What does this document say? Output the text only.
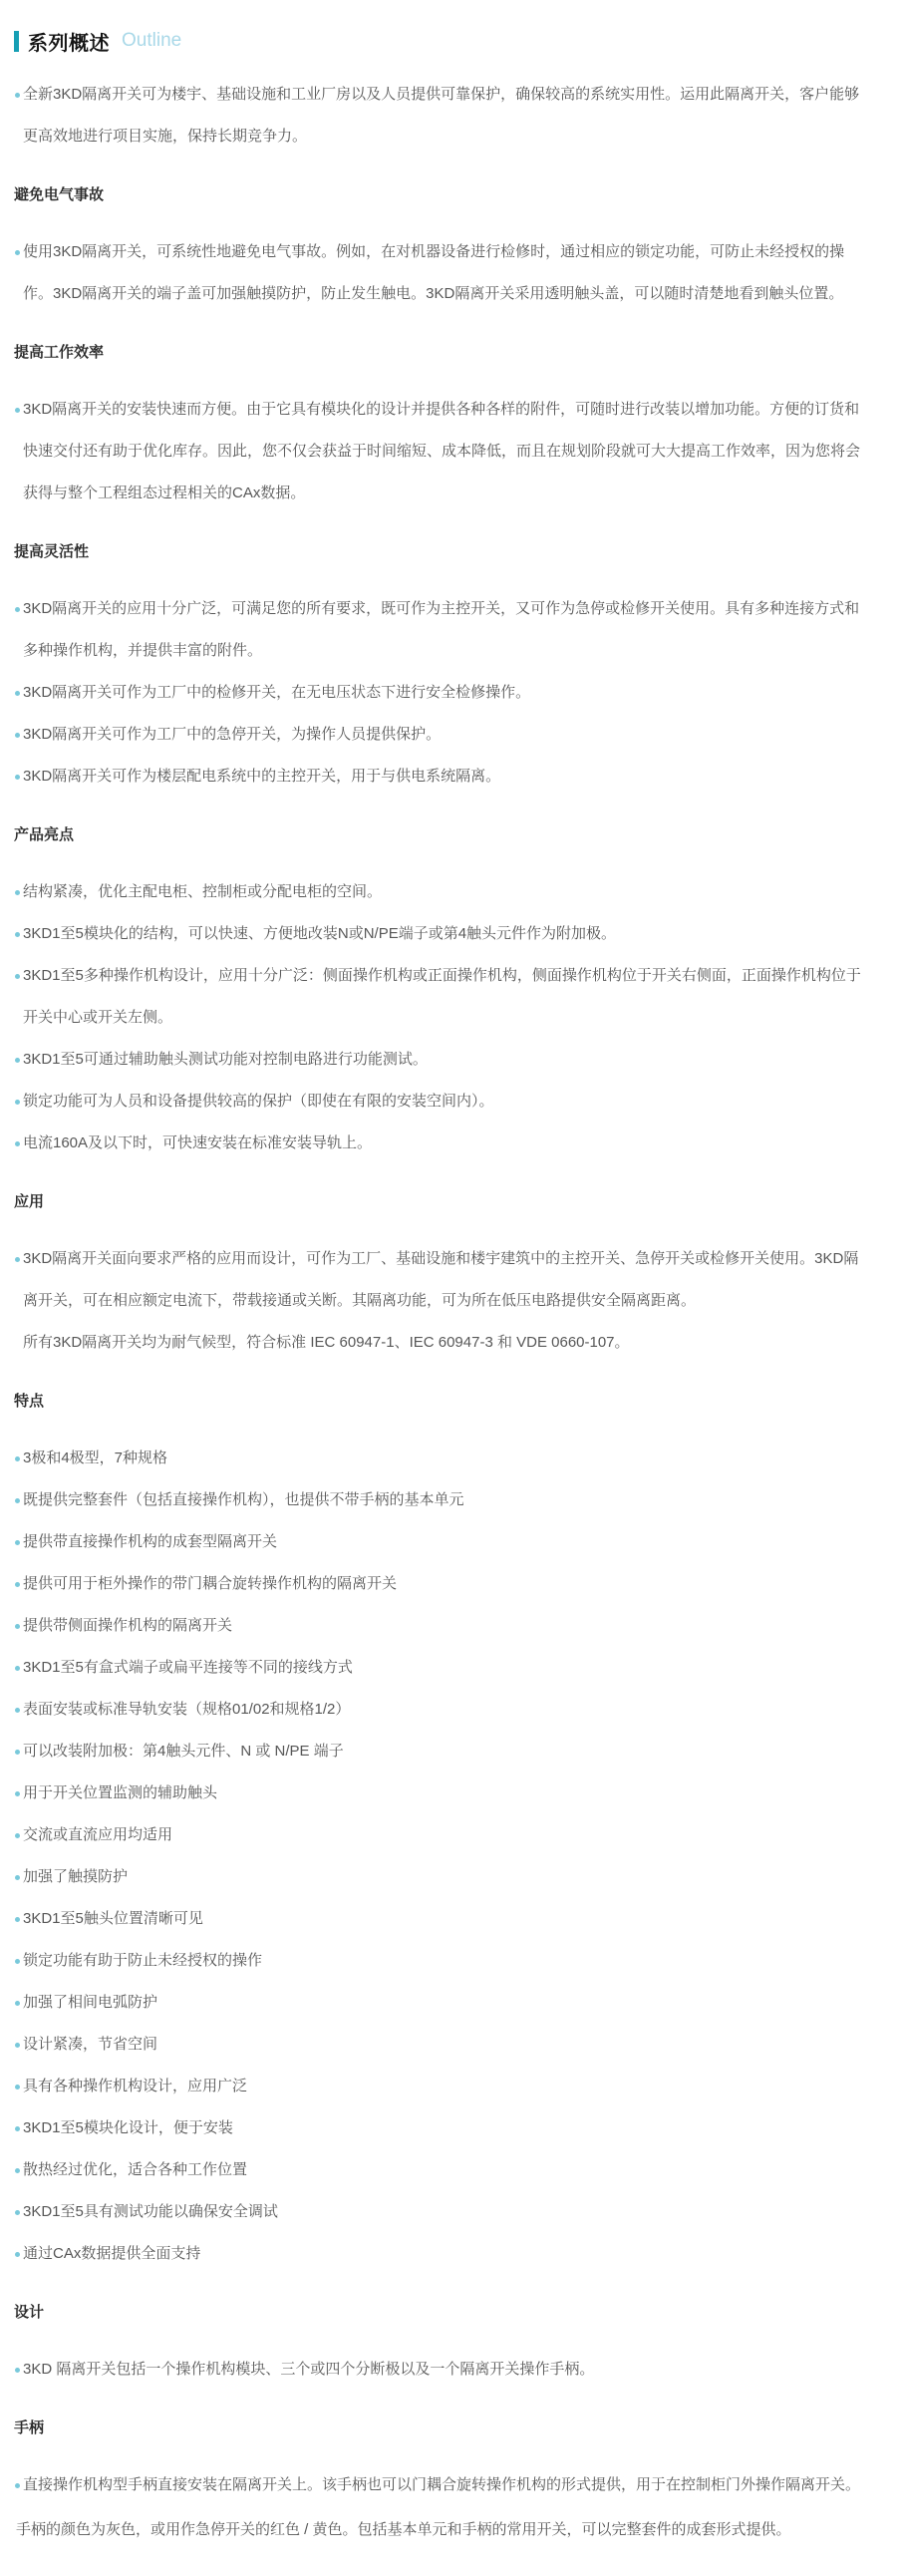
系列概述 Outline

全新3KD隔离开关可为楼宇、基础设施和工业厂房以及人员提供可靠保护，确保较高的系统实用性。运用此隔离开关，客户能够更高效地进行项目实施，保持长期竞争力。

避免电气事故

使用3KD隔离开关，可系统性地避免电气事故。例如，在对机器设备进行检修时，通过相应的锁定功能，可防止未经授权的操作。3KD隔离开关的端子盖可加强触摸防护，防止发生触电。3KD隔离开关采用透明触头盖，可以随时清楚地看到触头位置。

提高工作效率

3KD隔离开关的安装快速而方便。由于它具有模块化的设计并提供各种各样的附件，可随时进行改装以增加功能。方便的订货和快速交付还有助于优化库存。因此，您不仅会获益于时间缩短、成本降低，而且在规划阶段就可大大提高工作效率，因为您将会获得与整个工程组态过程相关的CAx数据。

提高灵活性

3KD隔离开关的应用十分广泛，可满足您的所有要求，既可作为主控开关，又可作为急停或检修开关使用。具有多种连接方式和多种操作机构，并提供丰富的附件。

3KD隔离开关可作为工厂中的检修开关，在无电压状态下进行安全检修操作。

3KD隔离开关可作为工厂中的急停开关，为操作人员提供保护。

3KD隔离开关可作为楼层配电系统中的主控开关，用于与供电系统隔离。

产品亮点

结构紧凑，优化主配电柜、控制柜或分配电柜的空间。

3KD1至5模块化的结构，可以快速、方便地改装N或N/PE端子或第4触头元件作为附加极。

3KD1至5多种操作机构设计，应用十分广泛：侧面操作机构或正面操作机构，侧面操作机构位于开关右侧面，正面操作机构位于开关中心或开关左侧。

3KD1至5可通过辅助触头测试功能对控制电路进行功能测试。

锁定功能可为人员和设备提供较高的保护（即使在有限的安装空间内）。

电流160A及以下时，可快速安装在标准安装导轨上。

应用

3KD隔离开关面向要求严格的应用而设计，可作为工厂、基础设施和楼宇建筑中的主控开关、急停开关或检修开关使用。3KD隔离开关，可在相应额定电流下，带载接通或关断。其隔离功能，可为所在低压电路提供安全隔离距离。

所有3KD隔离开关均为耐气候型，符合标准 IEC 60947-1、IEC 60947-3 和 VDE 0660-107。

特点

3极和4极型，7种规格

既提供完整套件（包括直接操作机构），也提供不带手柄的基本单元

提供带直接操作机构的成套型隔离开关

提供可用于柜外操作的带门耦合旋转操作机构的隔离开关

提供带侧面操作机构的隔离开关

3KD1至5有盒式端子或扁平连接等不同的接线方式

表面安装或标准导轨安装（规格01/02和规格1/2）

可以改装附加极：第4触头元件、N 或 N/PE 端子

用于开关位置监测的辅助触头

交流或直流应用均适用

加强了触摸防护

3KD1至5触头位置清晰可见

锁定功能有助于防止未经授权的操作

加强了相间电弧防护

设计紧凑，节省空间

具有各种操作机构设计，应用广泛

3KD1至5模块化设计，便于安装

散热经过优化，适合各种工作位置

3KD1至5具有测试功能以确保安全调试

通过CAx数据提供全面支持

设计

3KD 隔离开关包括一个操作机构模块、三个或四个分断极以及一个隔离开关操作手柄。

手柄

直接操作机构型手柄直接安装在隔离开关上。该手柄也可以门耦合旋转操作机构的形式提供，用于在控制柜门外操作隔离开关。

手柄的颜色为灰色，或用作急停开关的红色 / 黄色。包括基本单元和手柄的常用开关，可以完整套件的成套形式提供。
